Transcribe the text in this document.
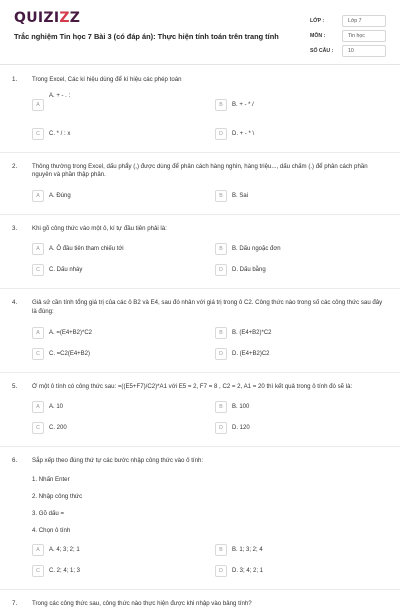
QUIZIZZ
Trắc nghiệm Tin học 7 Bài 3 (có đáp án): Thực hiện tính toán trên trang tính
LỚP :	Lớp 7
MÔN :	Tin học
SỐ CÂU :	10
1. Trong Excel, Các kí hiệu dùng để kí hiệu các phép toán
A
A. + - . :
B	B. + - * /
C	C. * / : x	D	D. + - * \
2. Thông thường trong Excel, dấu phẩy (,) được dùng để phân cách hàng nghìn, hàng triệu..., dấu chấm (.) để phân cách phần nguyên và phần thập phân.
A	A. Đúng	B	B. Sai
3. Khi gõ công thức vào một ô, kí tự đầu tiên phải là:
A	A. Ô đầu tiên tham chiếu tới	B	B. Dấu ngoặc đơn
C	C. Dấu nháy	D	D. Dấu bằng
4. Giả sử cần tính tổng giá trị của các ô B2 và E4, sau đó nhân với giá trị trong ô C2. Công thức nào trong số các công thức sau đây là đúng:
A	A. =(E4+B2)*C2	B	B. (E4+B2)*C2
C	C. =C2(E4+B2)	D	D. (E4+B2)C2
5. Ở một ô tính có công thức sau: =((E5+F7)/C2)*A1 với E5 = 2, F7 = 8 , C2 = 2, A1 = 20 thì kết quả trong ô tính đó sẽ là:
A	A. 10	B	B. 100
C	C. 200	D	D. 120
6. Sắp xếp theo đúng thứ tự các bước nhập công thức vào ô tính:
1. Nhấn Enter
2. Nhập công thức
3. Gõ dấu =
4. Chọn ô tính
A	A. 4; 3; 2; 1	B	B. 1; 3; 2; 4
C	C. 2; 4; 1; 3	D	D. 3; 4; 2; 1
7. Trong các công thức sau, công thức nào thực hiện được khi nhập vào bảng tính?
